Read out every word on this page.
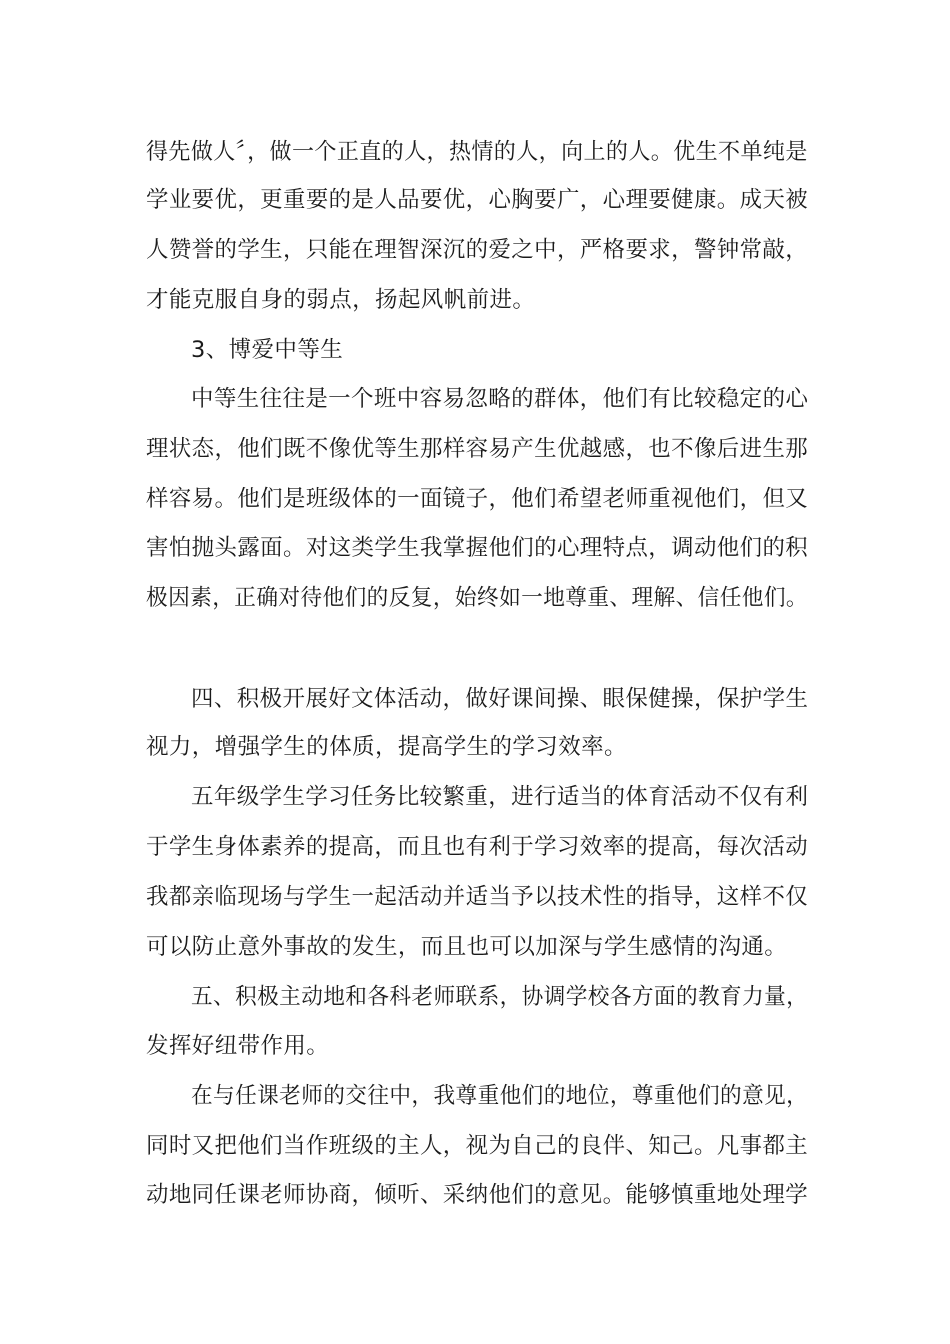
得先做人〞，做一个正直的人，热情的人，向上的人。优生不单纯是
学业要优，更重要的是人品要优，心胸要广，心理要健康。成天被
人赞誉的学生，只能在理智深沉的爱之中，严格要求，警钟常敲，
才能克服自身的弱点，扬起风帆前进。
3、博爱中等生
中等生往往是一个班中容易忽略的群体，他们有比较稳定的心
理状态，他们既不像优等生那样容易产生优越感，也不像后进生那
样容易。他们是班级体的一面镜子，他们希望老师重视他们，但又
害怕抛头露面。对这类学生我掌握他们的心理特点，调动他们的积
极因素，正确对待他们的反复，始终如一地尊重、理解、信任他们。
四、积极开展好文体活动，做好课间操、眼保健操，保护学生
视力，增强学生的体质，提高学生的学习效率。
五年级学生学习任务比较繁重，进行适当的体育活动不仅有利
于学生身体素养的提高，而且也有利于学习效率的提高，每次活动
我都亲临现场与学生一起活动并适当予以技术性的指导，这样不仅
可以防止意外事故的发生，而且也可以加深与学生感情的沟通。
五、积极主动地和各科老师联系，协调学校各方面的教育力量，
发挥好纽带作用。
在与任课老师的交往中，我尊重他们的地位，尊重他们的意见，
同时又把他们当作班级的主人，视为自己的良伴、知己。凡事都主
动地同任课老师协商，倾听、采纳他们的意见。能够慎重地处理学
